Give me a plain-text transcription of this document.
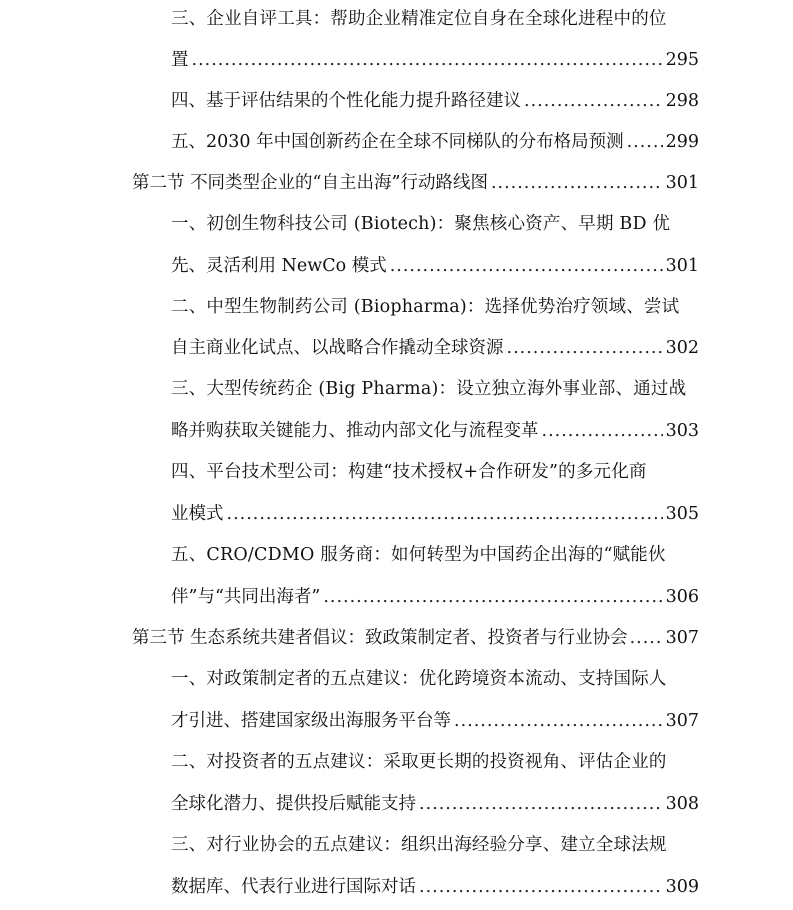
三、企业自评工具：帮助企业精准定位自身在全球化进程中的位
置 .....	295
四、基于评估结果的个性化能力提升路径建议 .....	298
五、2030 年中国创新药企在全球不同梯队的分布格局预测 ..... 299
第二节 不同类型企业的“自主出海”行动路线图 .....	301
一、初创生物科技公司 (Biotech)：聚焦核心资产、早期 BD 优
先、灵活利用 NewCo 模式 .....	301
二、中型生物制药公司 (Biopharma)：选择优势治疗领域、尝试
自主商业化试点、以战略合作撬动全球资源 .....	302
三、大型传统药企 (Big Pharma)：设立独立海外事业部、通过战
略并购获取关键能力、推动内部文化与流程变革 .....	303
四、平台技术型公司：构建“技术授权+合作研发”的多元化商
业模式 .....	305
五、CRO/CDMO 服务商：如何转型为中国药企出海的“赋能伙
伴”与“共同出海者” .....	306
第三节 生态系统共建者倡议：致政策制定者、投资者与行业协会 ..... 307
一、对政策制定者的五点建议：优化跨境资本流动、支持国际人
才引进、搭建国家级出海服务平台等 .....	307
二、对投资者的五点建议：采取更长期的投资视角、评估企业的
全球化潜力、提供投后赋能支持 .....	308
三、对行业协会的五点建议：组织出海经验分享、建立全球法规
数据库、代表行业进行国际对话 .....	309
